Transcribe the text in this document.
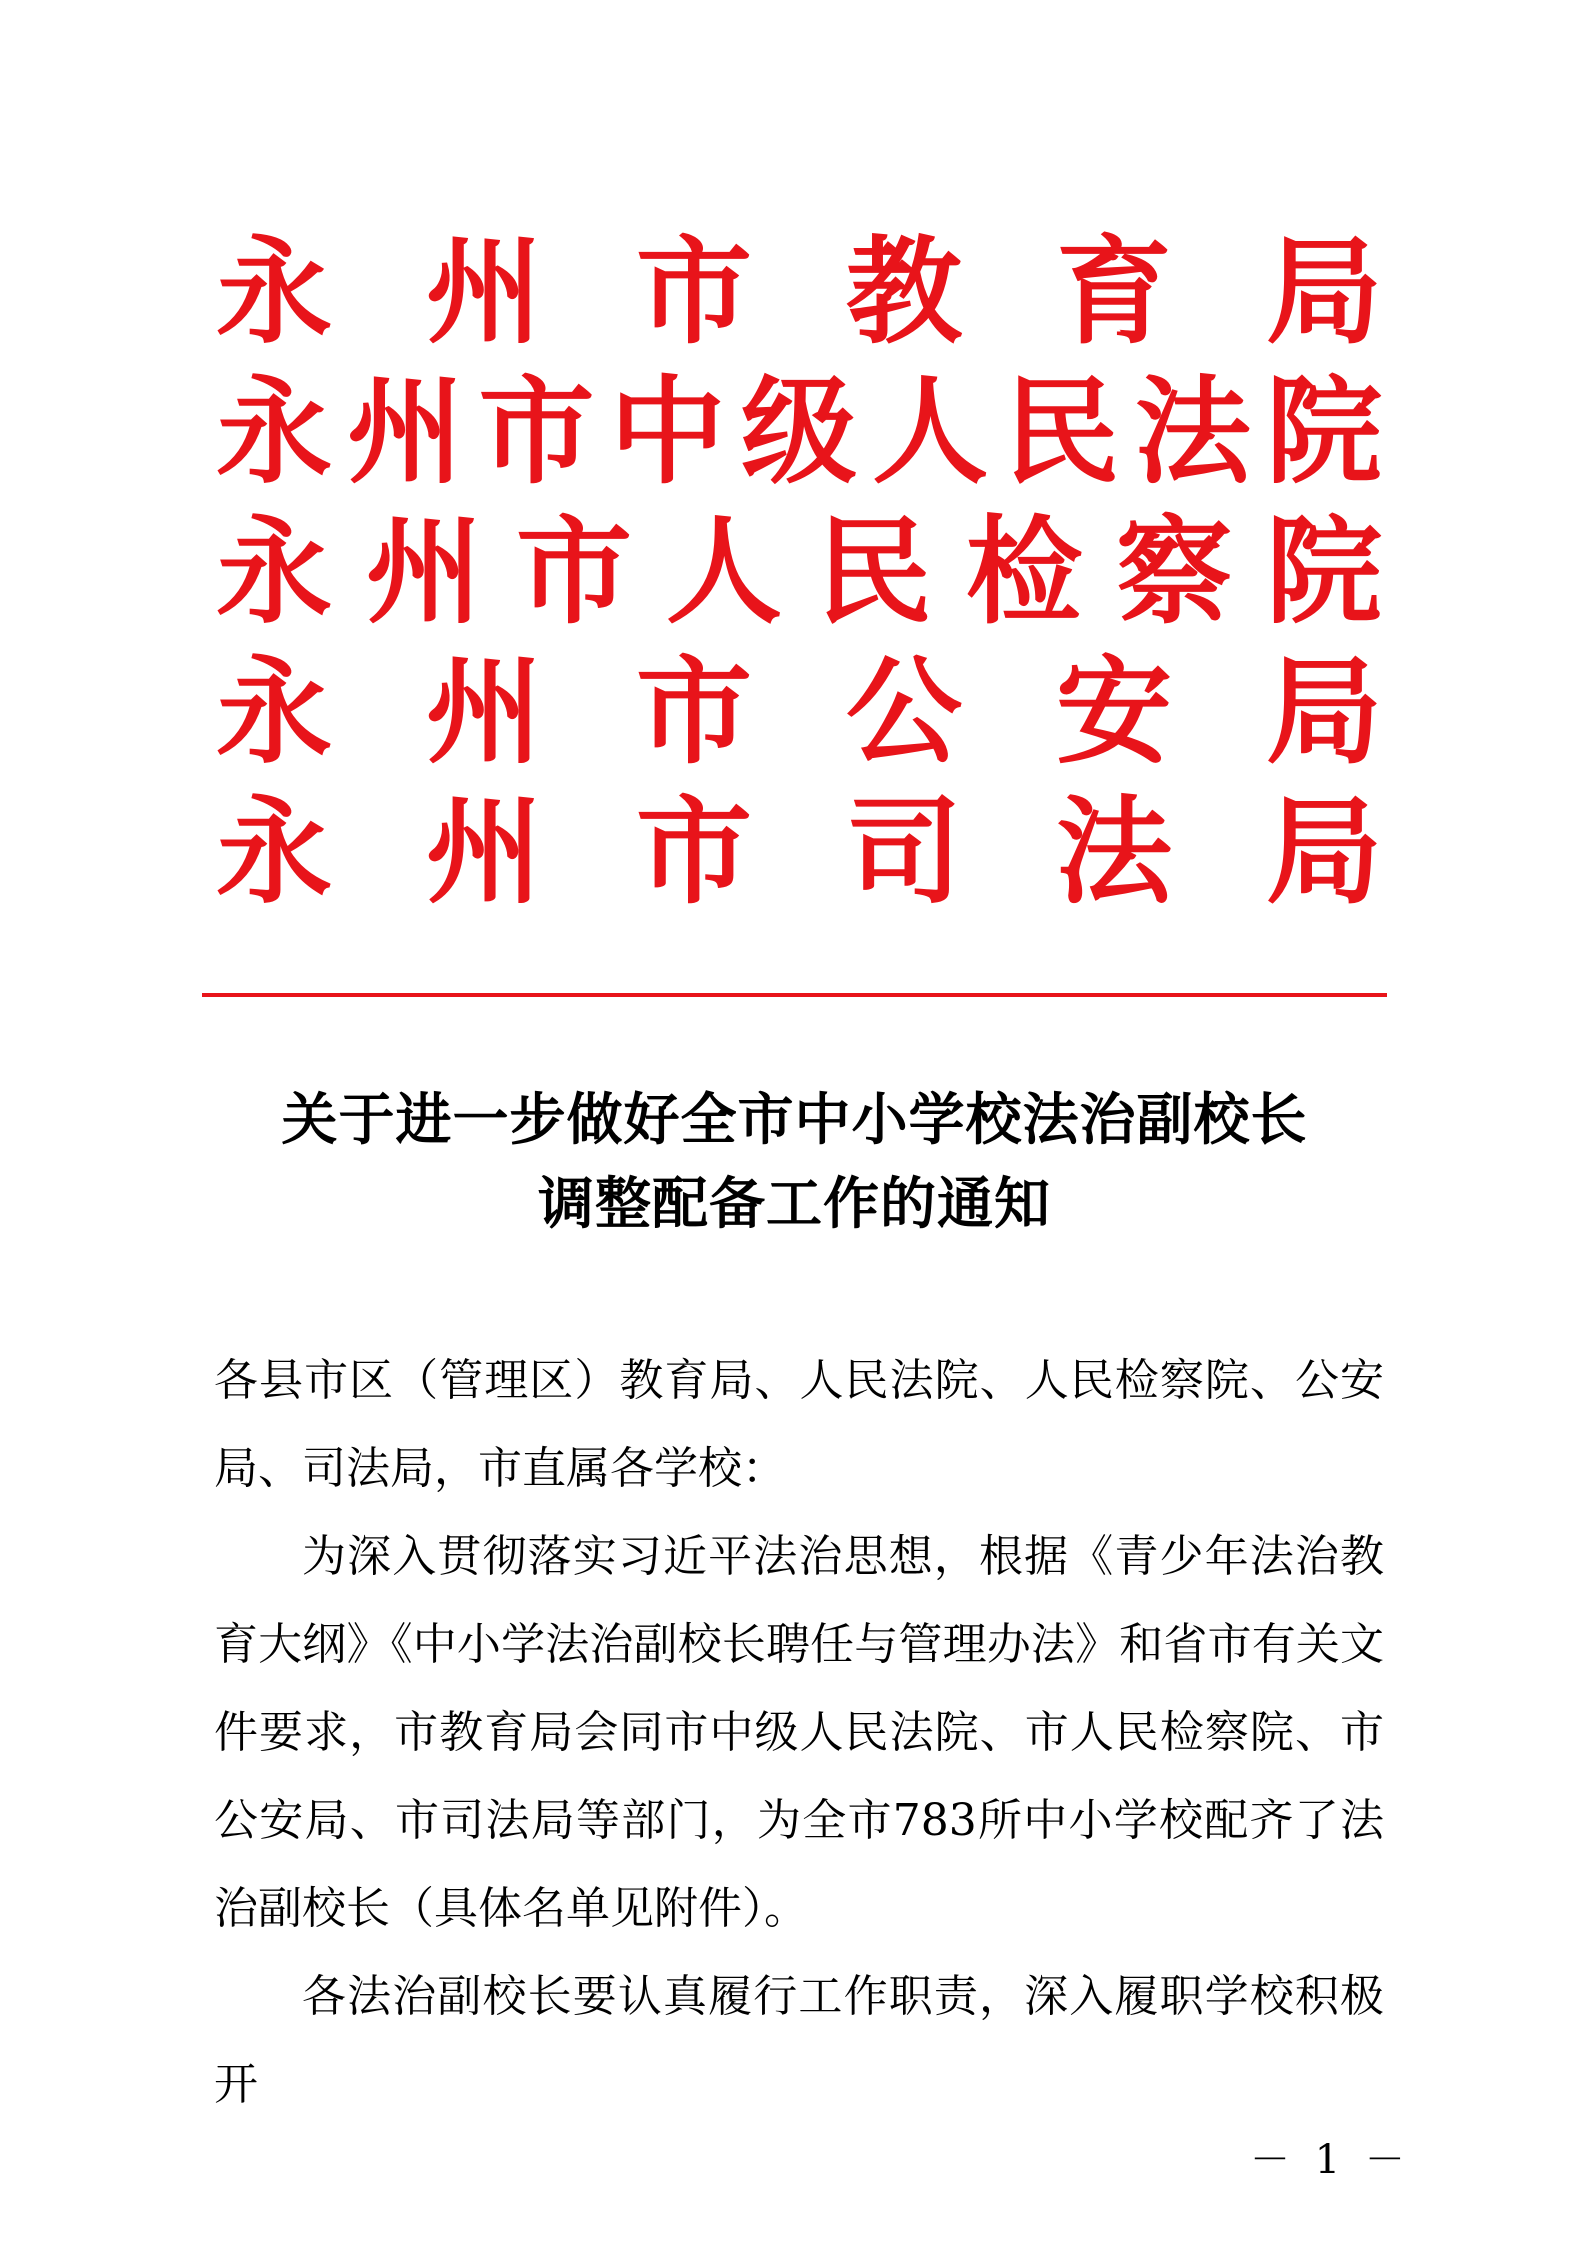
永 州 市 教 育 局
永 州 市 中 级 人 民 法 院
永 州 市 人 民 检 察 院
永 州 市 公 安 局
永 州 市 司 法 局
关于进一步做好全市中小学校法治副校长
调整配备工作的通知

各县市区（管理区）教育局、人民法院、人民检察院、公安局、司法局，市直属各学校：

为深入贯彻落实习近平法治思想，根据《青少年法治教育大纲》《中小学法治副校长聘任与管理办法》和省市有关文件要求，市教育局会同市中级人民法院、市人民检察院、市公安局、市司法局等部门，为全市783所中小学校配齐了法治副校长（具体名单见附件）。

各法治副校长要认真履行工作职责，深入履职学校积极开

－ 1 －
